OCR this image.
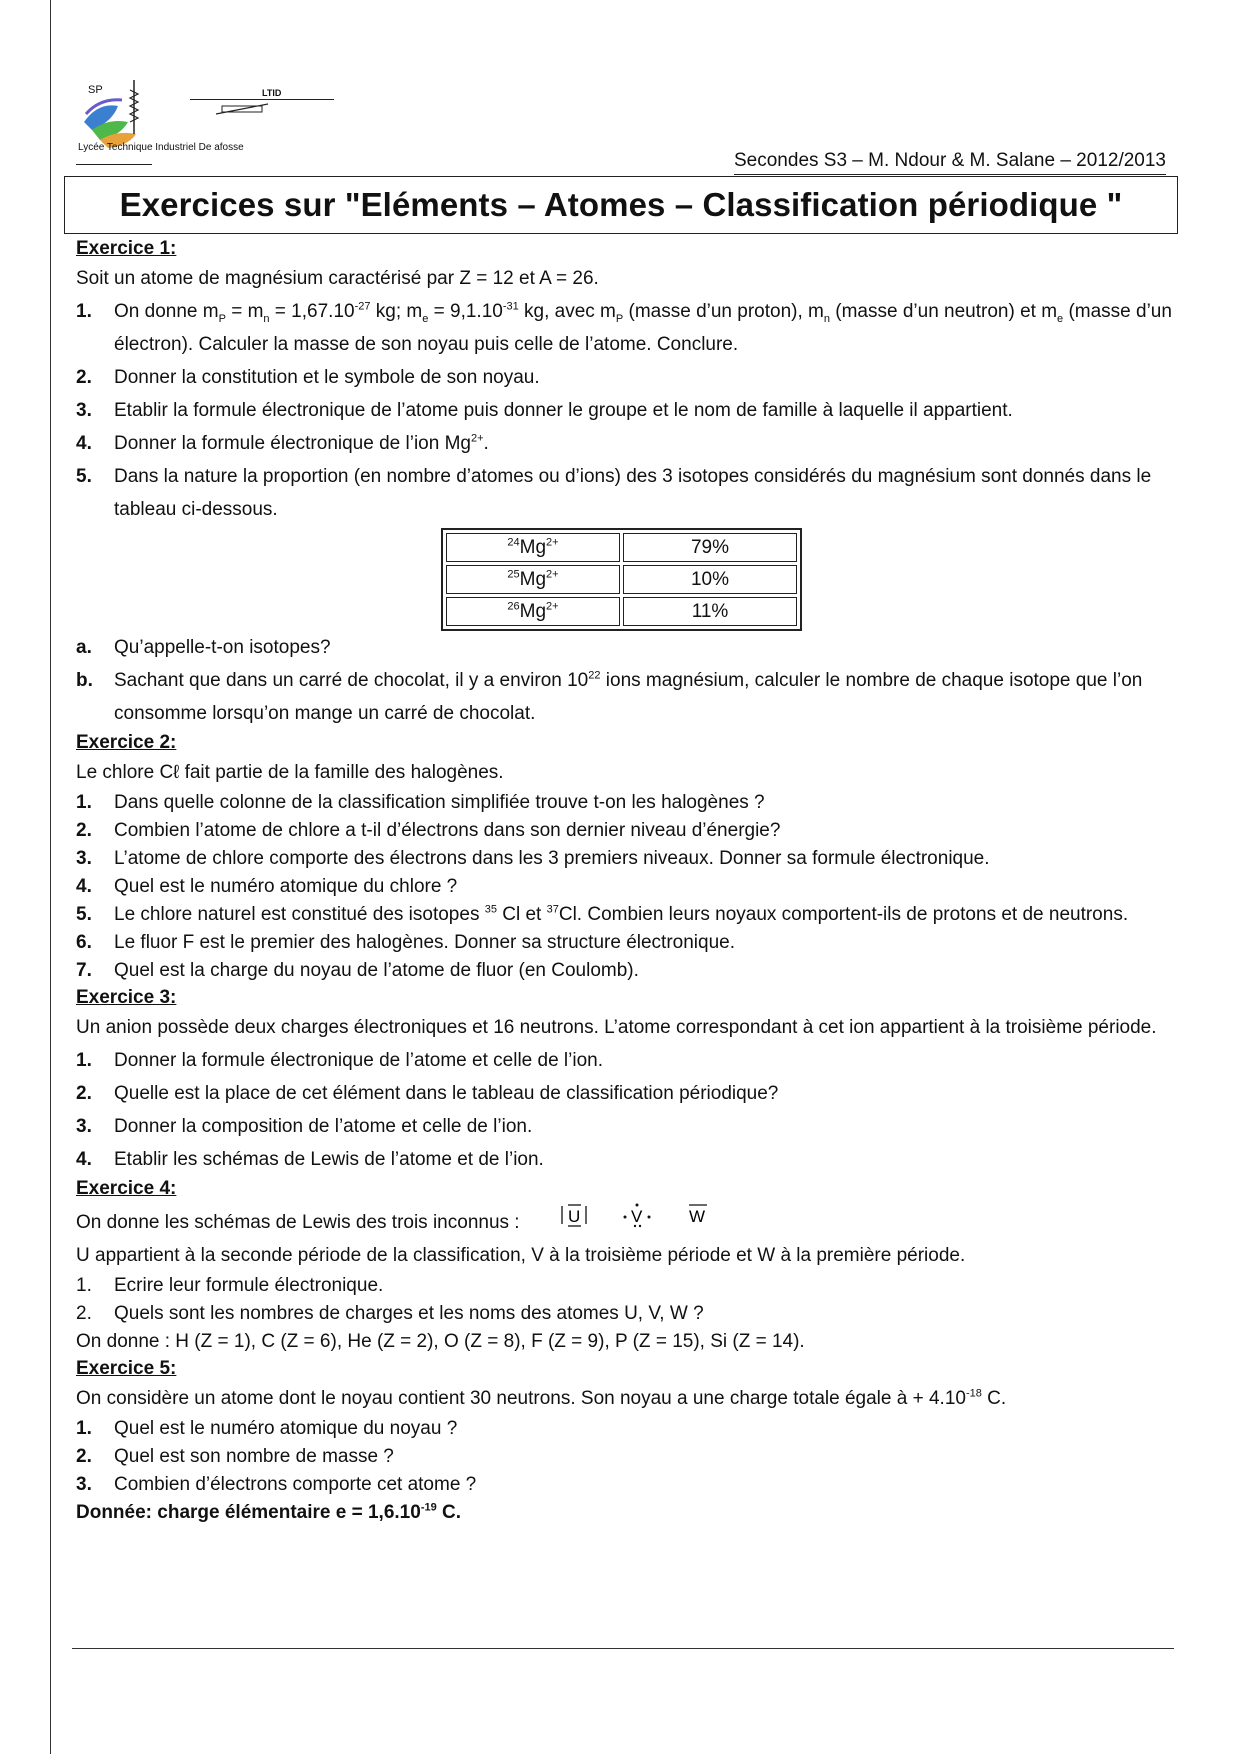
SP	LTID
Lycée Technique Industriel De afosse
Secondes S3 – M. Ndour & M. Salane – 2012/2013
Exercices sur "Eléments – Atomes – Classification périodique "

Exercice 1:

Soit un atome de magnésium caractérisé par Z = 12 et A = 26.

1.	On donne $m_P = m_n = 1,67.10^{-27}$ kg; $m_e = 9,1.10^{-31}$ kg, avec $m_P$ (masse d’un proton), $m_n$ (masse d’un neutron) et $m_e$ (masse d’un électron). Calculer la masse de son noyau puis celle de l’atome. Conclure.
2.	Donner la constitution et le symbole de son noyau.
3.	Etablir la formule électronique de l’atome puis donner le groupe et le nom de famille à laquelle il appartient.
4.	Donner la formule électronique de l’ion $Mg^{2+}$.
5.	Dans la nature la proportion (en nombre d’atomes ou d’ions) des 3 isotopes considérés du magnésium sont donnés dans le tableau ci-dessous.
$^{24}Mg^{2+}$	79%
$^{25}Mg^{2+}$	10%
$^{26}Mg^{2+}$	11%
a.	Qu’appelle-t-on isotopes?
b.	Sachant que dans un carré de chocolat, il y a environ $10^{22}$ ions magnésium, calculer le nombre de chaque isotope que l’on consomme lorsqu’on mange un carré de chocolat.

Exercice 2:

Le chlore Cℓ fait partie de la famille des halogènes.

1.	Dans quelle colonne de la classification simplifiée trouve t-on les halogènes ?
2.	Combien l’atome de chlore a t-il d’électrons dans son dernier niveau d’énergie?
3.	L’atome de chlore comporte des électrons dans les 3 premiers niveaux. Donner sa formule électronique.
4.	Quel est le numéro atomique du chlore ?
5.	Le chlore naturel est constitué des isotopes $^{35}$ Cl et $^{37}$Cl. Combien leurs noyaux comportent-ils de protons et de neutrons.
6.	Le fluor F est le premier des halogènes. Donner sa structure électronique.
7.	Quel est la charge du noyau de l’atome de fluor (en Coulomb).

Exercice 3:

Un anion possède deux charges électroniques et 16 neutrons. L’atome correspondant à cet ion appartient à la troisième période.

1.	Donner la formule électronique de l’atome et celle de l’ion.
2.	Quelle est la place de cet élément dans le tableau de classification périodique?
3.	Donner la composition de l’atome et celle de l’ion.
4.	Etablir les schémas de Lewis de l’atome et de l’ion.

Exercice 4:

On donne les schémas de Lewis des trois inconnus :	U	V	W

U appartient à la seconde période de la classification, V à la troisième période et W à la première période.

1.	Ecrire leur formule électronique.
2.	Quels sont les nombres de charges et les noms des atomes U, V, W ?

On donne : H (Z = 1), C (Z = 6), He (Z = 2), O (Z = 8), F (Z = 9), P (Z = 15), Si (Z = 14).

Exercice 5:

On considère un atome dont le noyau contient 30 neutrons. Son noyau a une charge totale égale à + $4.10^{-18}$ C.

1.	Quel est le numéro atomique du noyau ?
2.	Quel est son nombre de masse ?
3.	Combien d’électrons comporte cet atome ?

Donnée: charge élémentaire $e = 1,6.10^{-19}$ C.
